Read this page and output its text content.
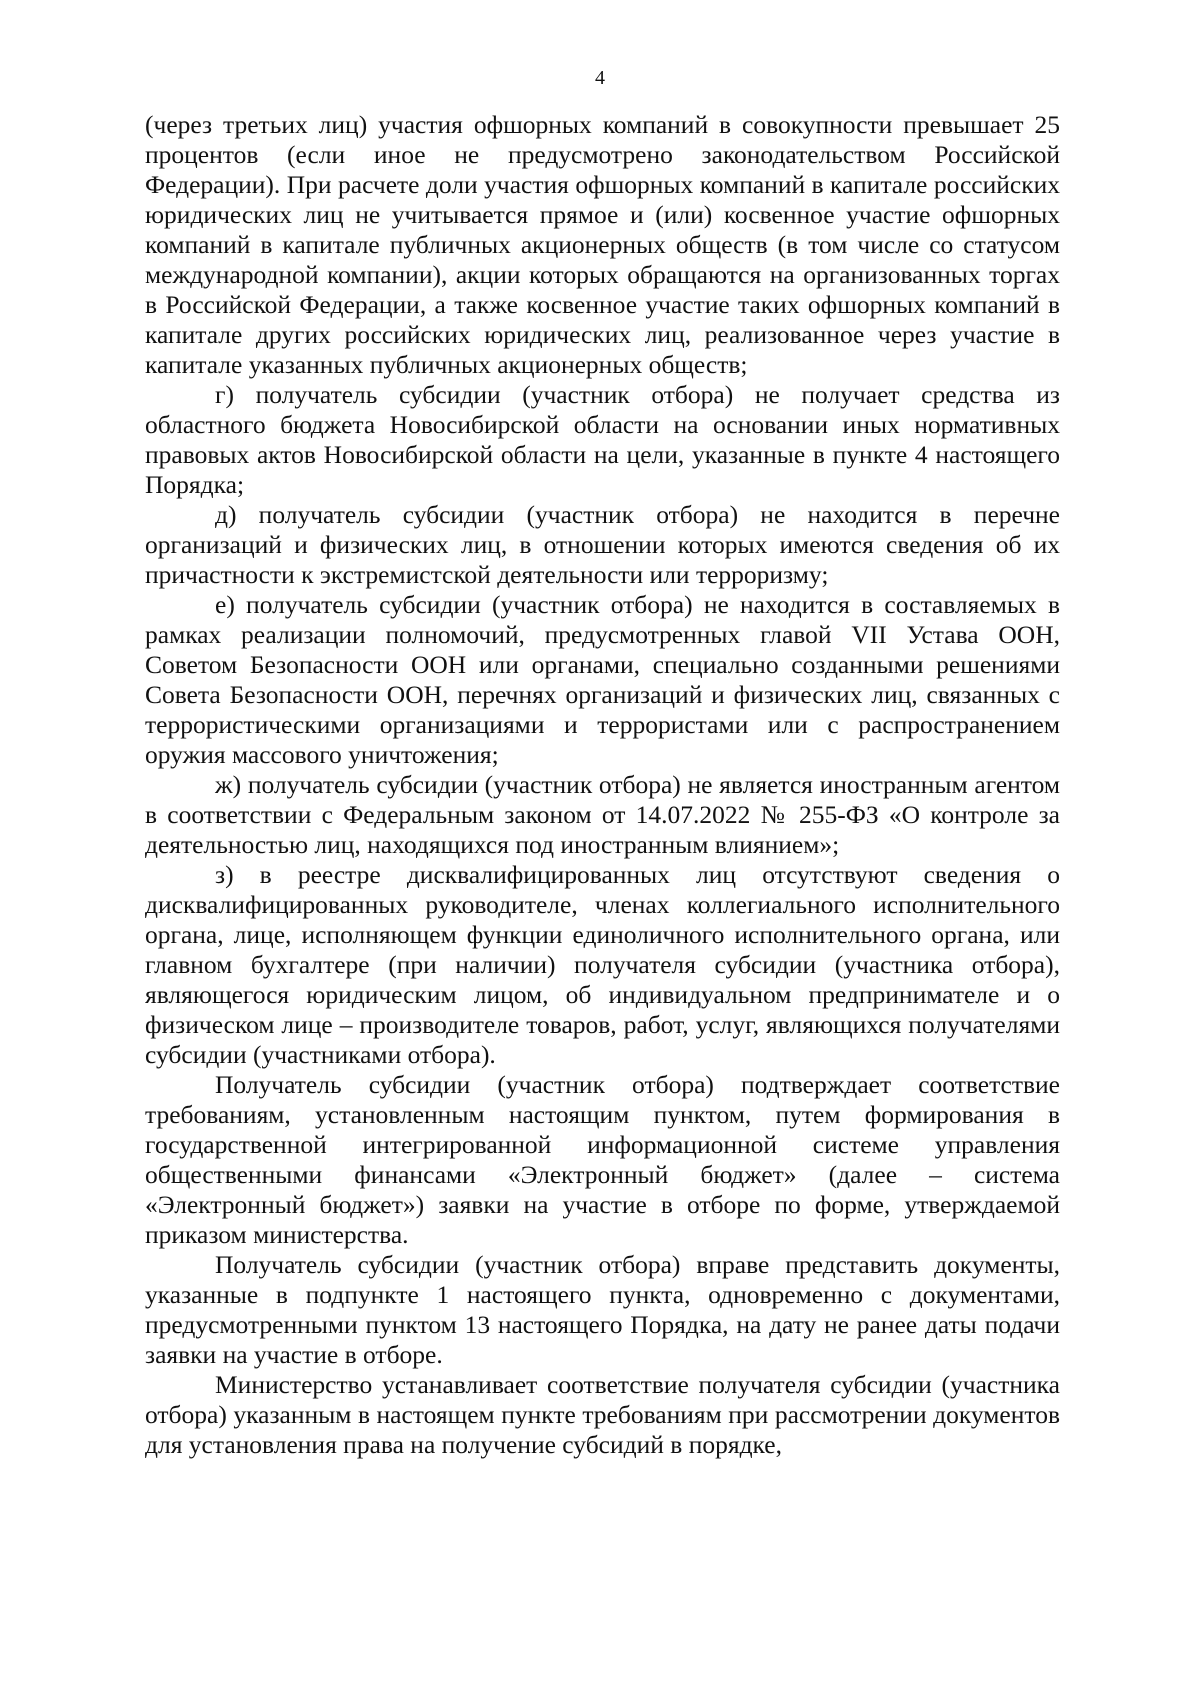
4

(через третьих лиц) участия офшорных компаний в совокупности превышает 25 процентов (если иное не предусмотрено законодательством Российской Федерации). При расчете доли участия офшорных компаний в капитале российских юридических лиц не учитывается прямое и (или) косвенное участие офшорных компаний в капитале публичных акционерных обществ (в том числе со статусом международной компании), акции которых обращаются на организованных торгах в Российской Федерации, а также косвенное участие таких офшорных компаний в капитале других российских юридических лиц, реализованное через участие в капитале указанных публичных акционерных обществ;

г) получатель субсидии (участник отбора) не получает средства из областного бюджета Новосибирской области на основании иных нормативных правовых актов Новосибирской области на цели, указанные в пункте 4 настоящего Порядка;

д) получатель субсидии (участник отбора) не находится в перечне организаций и физических лиц, в отношении которых имеются сведения об их причастности к экстремистской деятельности или терроризму;

е) получатель субсидии (участник отбора) не находится в составляемых в рамках реализации полномочий, предусмотренных главой VII Устава ООН, Советом Безопасности ООН или органами, специально созданными решениями Совета Безопасности ООН, перечнях организаций и физических лиц, связанных с террористическими организациями и террористами или с распространением оружия массового уничтожения;

ж) получатель субсидии (участник отбора) не является иностранным агентом в соответствии с Федеральным законом от 14.07.2022 № 255-ФЗ «О контроле за деятельностью лиц, находящихся под иностранным влиянием»;

з) в реестре дисквалифицированных лиц отсутствуют сведения о дисквалифицированных руководителе, членах коллегиального исполнительного органа, лице, исполняющем функции единоличного исполнительного органа, или главном бухгалтере (при наличии) получателя субсидии (участника отбора), являющегося юридическим лицом, об индивидуальном предпринимателе и о физическом лице – производителе товаров, работ, услуг, являющихся получателями субсидии (участниками отбора).

Получатель субсидии (участник отбора) подтверждает соответствие требованиям, установленным настоящим пунктом, путем формирования в государственной интегрированной информационной системе управления общественными финансами «Электронный бюджет» (далее – система «Электронный бюджет») заявки на участие в отборе по форме, утверждаемой приказом министерства.

Получатель субсидии (участник отбора) вправе представить документы, указанные в подпункте 1 настоящего пункта, одновременно с документами, предусмотренными пунктом 13 настоящего Порядка, на дату не ранее даты подачи заявки на участие в отборе.

Министерство устанавливает соответствие получателя субсидии (участника отбора) указанным в настоящем пункте требованиям при рассмотрении документов для установления права на получение субсидий в порядке,
